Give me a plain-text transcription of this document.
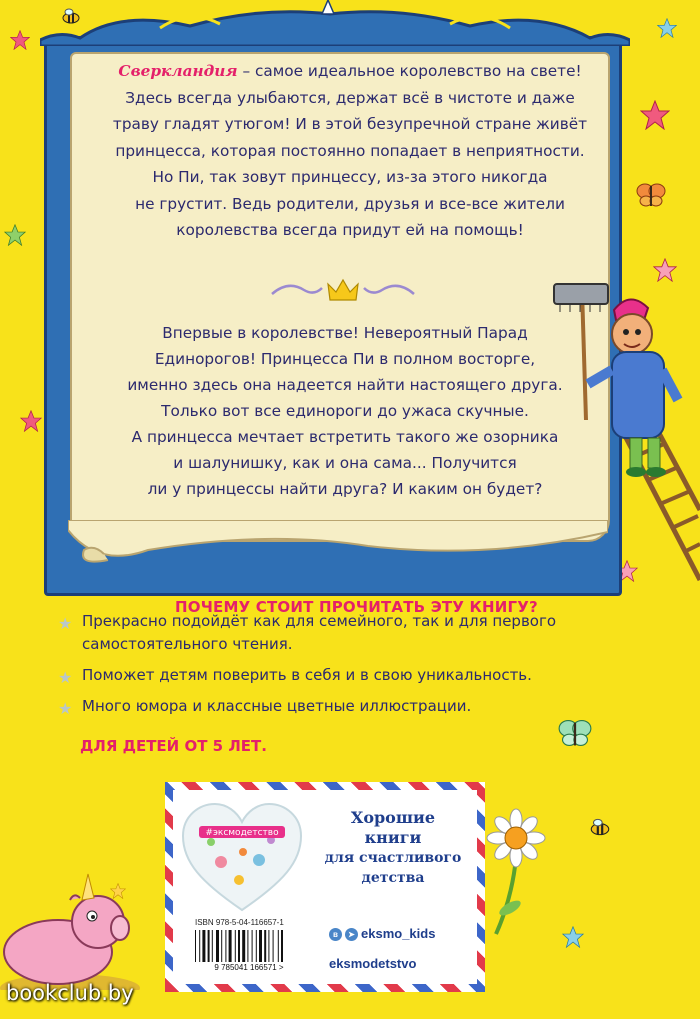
Сверкландия – самое идеальное королевство на свете!
Здесь всегда улыбаются, держат всё в чистоте и даже
траву гладят утюгом! И в этой безупречной стране живёт
принцесса, которая постоянно попадает в неприятности.
Но Пи, так зовут принцессу, из-за этого никогда
не грустит. Ведь родители, друзья и все-все жители
королевства всегда придут ей на помощь!
Впервые в королевстве! Невероятный Парад
Единорогов! Принцесса Пи в полном восторге,
именно здесь она надеется найти настоящего друга.
Только вот все единороги до ужаса скучные.
А принцесса мечтает встретить такого же озорника
и шалунишку, как и она сама... Получится
ли у принцессы найти друга? И каким он будет?
ПОЧЕМУ СТОИТ ПРОЧИТАТЬ ЭТУ КНИГУ?
★ Прекрасно подойдёт как для семейного, так и для первого
самостоятельного чтения.
★ Поможет детям поверить в себя и в свою уникальность.
★ Много юмора и классные цветные иллюстрации.
ДЛЯ ДЕТЕЙ ОТ 5 ЛЕТ.
#эксмодетство
Хорошие
книги
для счастливого
детства
ISBN 978-5-04-116657-1
9 785041 166571 >
в ➤ eksmo_kids
eksmodetstvo
bookclub.by
